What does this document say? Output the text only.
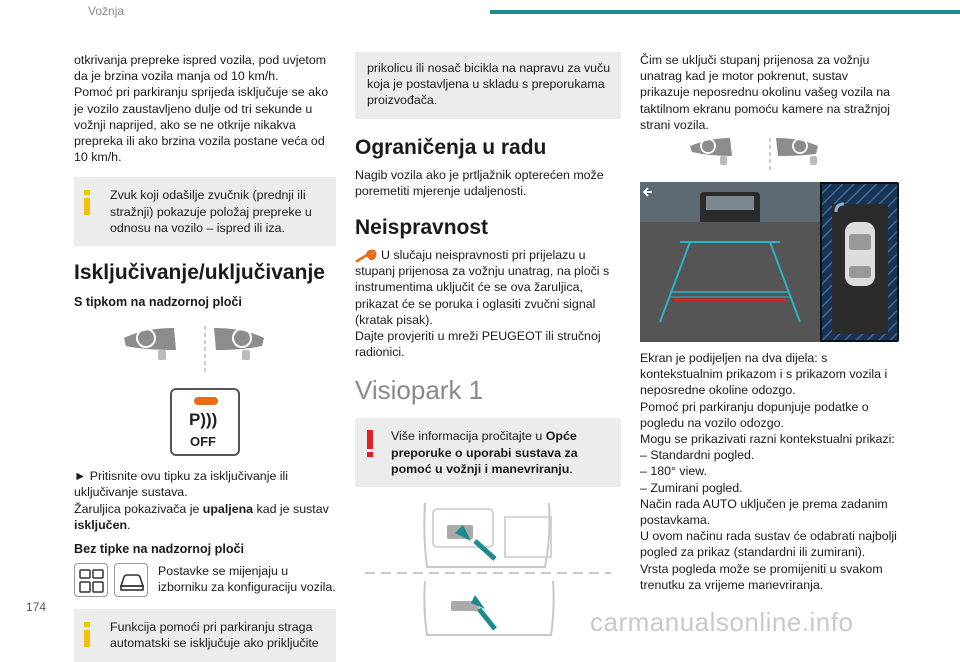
Vožnja

otkrivanja prepreke ispred vozila, pod uvjetom da je brzina vozila manja od 10 km/h.

Pomoć pri parkiranju sprijeda isključuje se ako je vozilo zaustavljeno dulje od tri sekunde u vožnji naprijed, ako se ne otkrije nikakva prepreka ili ako brzina vozila postane veća od 10 km/h.

Zvuk koji odašilje zvučnik (prednji ili stražnji) pokazuje položaj prepreke u odnosu na vozilo – ispred ili iza.

Isključivanje/uključivanje
S tipkom na nadzornoj ploči
P)))
OFF

► Pritisnite ovu tipku za isključivanje ili uključivanje sustava.

Žaruljica pokazivača je upaljena kad je sustav isključen.

Bez tipke na nadzornoj ploči

Postavke se mijenjaju u izborniku za konfiguraciju vozila.

Funkcija pomoći pri parkiranju straga automatski se isključuje ako priključite

prikolicu ili nosač bicikla na napravu za vuču koja je postavljena u skladu s preporukama proizvođača.

Ograničenja u radu

Nagib vozila ako je prtljažnik opterećen može poremetiti mjerenje udaljenosti.

Neispravnost

U slučaju neispravnosti pri prijelazu u stupanj prijenosa za vožnju unatrag, na ploči s instrumentima uključit će se ova žaruljica, prikazat će se poruka i oglasiti zvučni signal (kratak pisak).

Dajte provjeriti u mreži PEUGEOT ili stručnoj radionici.

Visiopark 1

Više informacija pročitajte u Opće preporuke o uporabi sustava za pomoć u vožnji i manevriranju.

Čim se uključi stupanj prijenosa za vožnju unatrag kad je motor pokrenut, sustav prikazuje neposrednu okolinu vašeg vozila na taktilnom ekranu pomoću kamere na stražnjoj strani vozila.

Ekran je podijeljen na dva dijela: s kontekstualnim prikazom i s prikazom vozila i neposredne okoline odozgo.

Pomoć pri parkiranju dopunjuje podatke o pogledu na vozilo odozgo.

Mogu se prikazivati razni kontekstualni prikazi:

– Standardni pogled.

– 180° view.

– Zumirani pogled.

Način rada AUTO uključen je prema zadanim postavkama.

U ovom načinu rada sustav će odabrati najbolji pogled za prikaz (standardni ili zumirani).

Vrsta pogleda može se promijeniti u svakom trenutku za vrijeme manevriranja.

174	carmanualsonline.info
